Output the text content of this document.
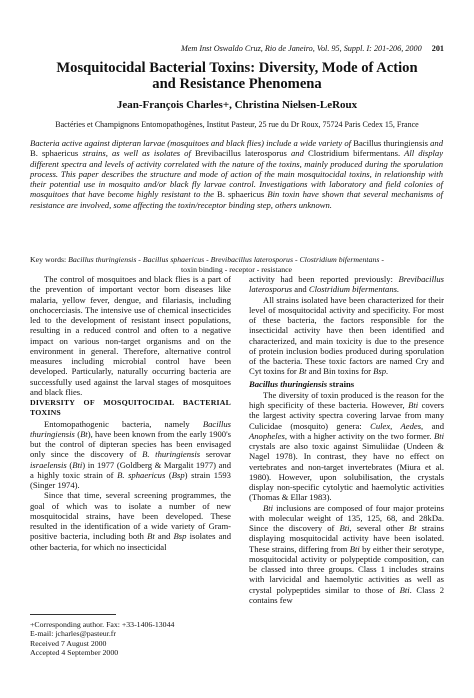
Mem Inst Oswaldo Cruz, Rio de Janeiro, Vol. 95, Suppl. I: 201-206, 2000 201
Mosquitocidal Bacterial Toxins: Diversity, Mode of Action
and Resistance Phenomena
Jean-François Charles+, Christina Nielsen-LeRoux
Bactéries et Champignons Entomopathogènes, Institut Pasteur, 25 rue du Dr Roux, 75724 Paris Cedex 15, France
Bacteria active against dipteran larvae (mosquitoes and black flies) include a wide variety of Bacillus thuringiensis and B. sphaericus strains, as well as isolates of Brevibacillus laterosporus and Clostridium bifermentans. All display different spectra and levels of activity correlated with the nature of the toxins, mainly produced during the sporulation process. This paper describes the structure and mode of action of the main mosquitocidal toxins, in relationship with their potential use in mosquito and/or black fly larvae control. Investigations with laboratory and field colonies of mosquitoes that have become highly resistant to the B. sphaericus Bin toxin have shown that several mechanisms of resistance are involved, some affecting the toxin/receptor binding step, others unknown.
Key words: Bacillus thuringiensis - Bacillus sphaericus - Brevibacillus laterosporus - Clostridium bifermentans -
toxin binding - receptor - resistance

The control of mosquitoes and black flies is a part of the prevention of important vector born diseases like malaria, yellow fever, dengue, and filariasis, including onchocerciasis. The intensive use of chemical insecticides led to the development of resistant insect populations, resulting in a reduced control and often to a negative impact on various non-target organisms and on the environment in general. Therefore, alternative control measures including microbial control have been developed. Particularly, naturally occurring bacteria are successfully used against the larval stages of mosquitoes and black flies.

DIVERSITY OF MOSQUITOCIDAL BACTERIAL TOXINS

Entomopathogenic bacteria, namely Bacillus thuringiensis (Bt), have been known from the early 1900's but the control of dipteran species has been envisaged only since the discovery of B. thuringiensis serovar israelensis (Bti) in 1977 (Goldberg & Margalit 1977) and a highly toxic strain of B. sphaericus (Bsp) strain 1593 (Singer 1974).

Since that time, several screening programmes, the goal of which was to isolate a number of new mosquitocidal strains, have been developed. These resulted in the identification of a wide variety of Gram-positive bacteria, including both Bt and Bsp isolates and other bacteria, for which no insecticidal

+Corresponding author. Fax: +33-1406-13044
E-mail: jcharles@pasteur.fr
Received 7 August 2000
Accepted 4 September 2000

activity had been reported previously: Brevibacillus laterosporus and Clostridium bifermentans.

All strains isolated have been characterized for their level of mosquitocidal activity and specificity. For most of these bacteria, the factors responsible for the insecticidal activity have then been identified and characterized, and main toxicity is due to the presence of protein inclusion bodies produced during sporulation of the bacteria. These toxic factors are named Cry and Cyt toxins for Bt and Bin toxins for Bsp.

Bacillus thuringiensis strains

The diversity of toxin produced is the reason for the high specificity of these bacteria. However, Bti covers the largest activity spectra covering larvae from many Culicidae (mosquito) genera: Culex, Aedes, and Anopheles, with a higher activity on the two former. Bti crystals are also toxic against Simuliidae (Undeen & Nagel 1978). In contrast, they have no effect on vertebrates and non-target invertebrates (Miura et al. 1980). However, upon solubilisation, the crystals display non-specific cytolytic and haemolytic activities (Thomas & Ellar 1983).

Bti inclusions are composed of four major proteins with molecular weight of 135, 125, 68, and 28kDa. Since the discovery of Bti, several other Bt strains displaying mosquitocidal activity have been isolated. These strains, differing from Bti by either their serotype, mosquitocidal activity or polypeptide composition, can be classed into three groups. Class 1 includes strains with larvicidal and haemolytic activities as well as crystal polypeptides similar to those of Bti. Class 2 contains few
